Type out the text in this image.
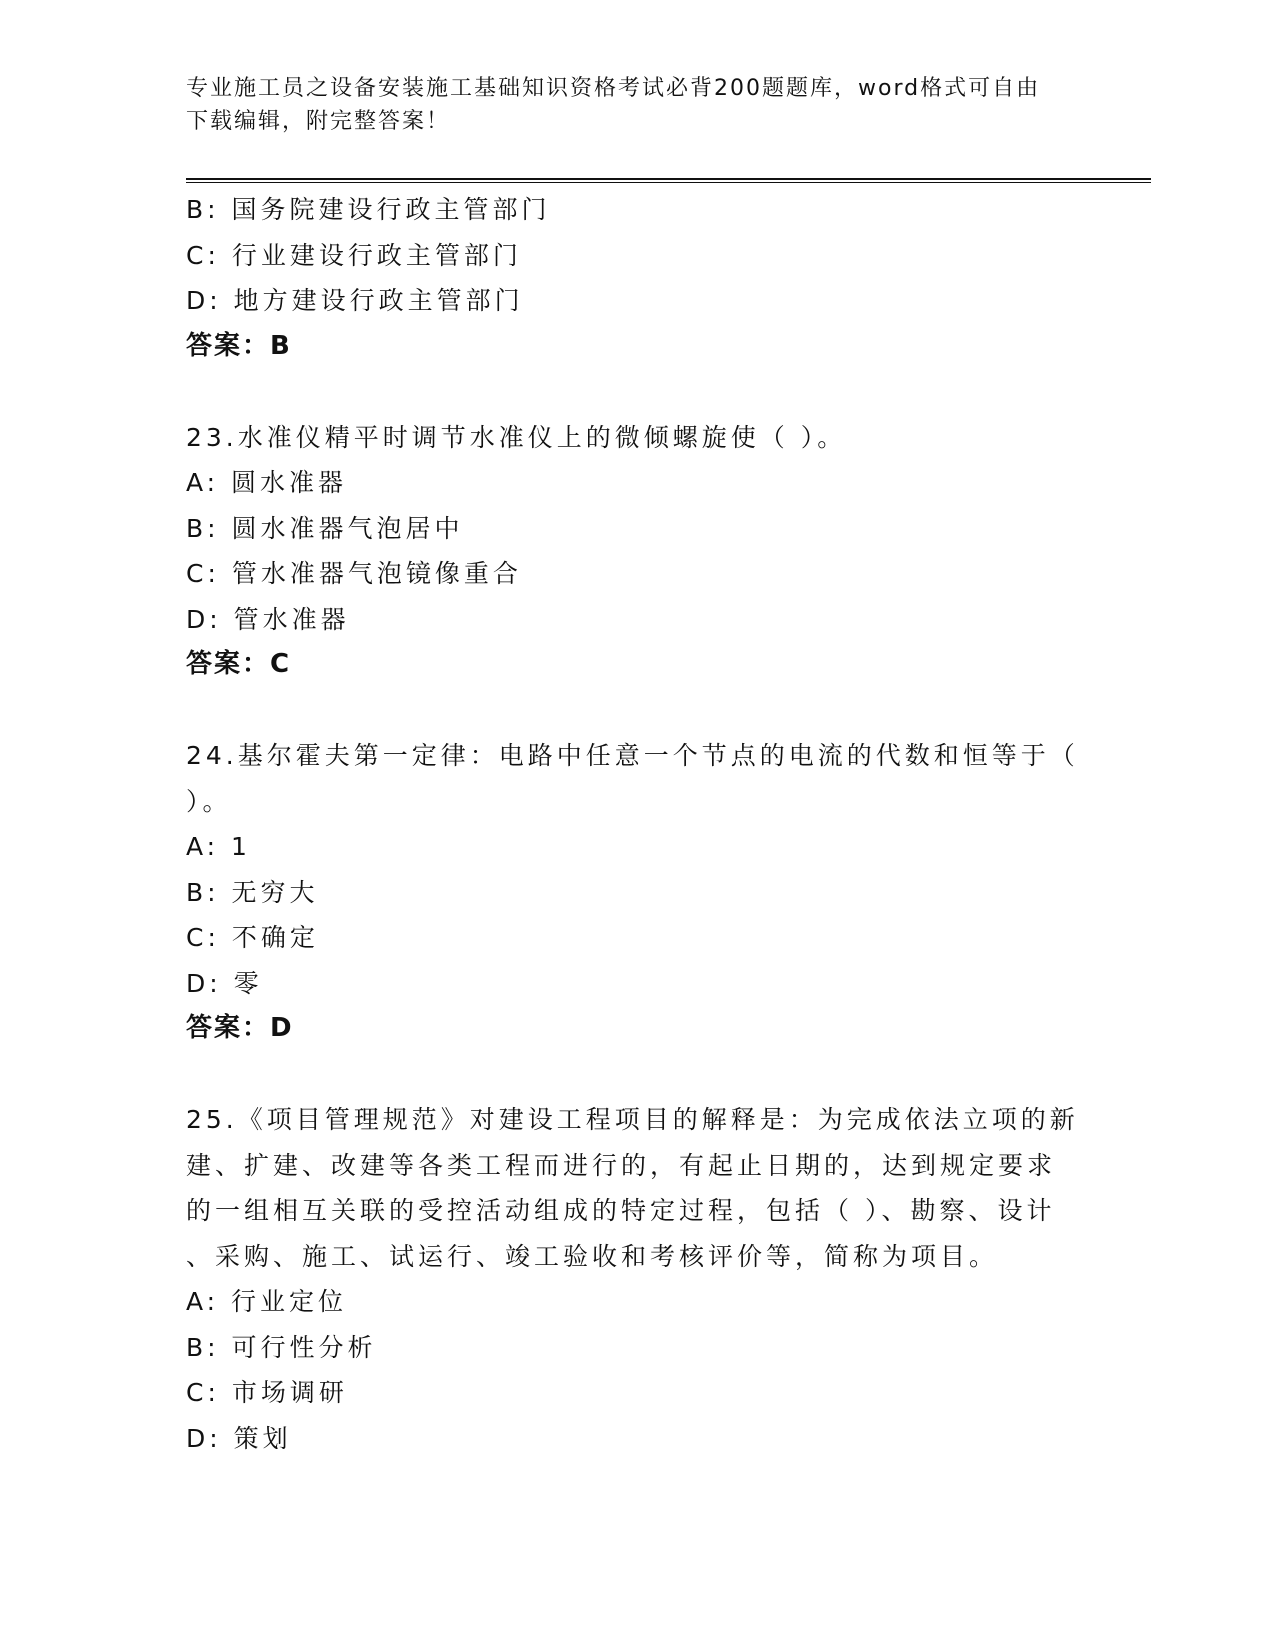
专业施工员之设备安装施工基础知识资格考试必背200题题库，word格式可自由
下载编辑，附完整答案！
B: 国务院建设行政主管部门
C: 行业建设行政主管部门
D: 地方建设行政主管部门
答案：B
23.水准仪精平时调节水准仪上的微倾螺旋使（ ）。
A: 圆水准器
B: 圆水准器气泡居中
C: 管水准器气泡镜像重合
D: 管水准器
答案：C
24.基尔霍夫第一定律：电路中任意一个节点的电流的代数和恒等于（
）。
A: 1
B: 无穷大
C: 不确定
D: 零
答案：D
25.《项目管理规范》对建设工程项目的解释是：为完成依法立项的新
建、扩建、改建等各类工程而进行的，有起止日期的，达到规定要求
的一组相互关联的受控活动组成的特定过程，包括（ ）、勘察、设计
、采购、施工、试运行、竣工验收和考核评价等，简称为项目。
A: 行业定位
B: 可行性分析
C: 市场调研
D: 策划
